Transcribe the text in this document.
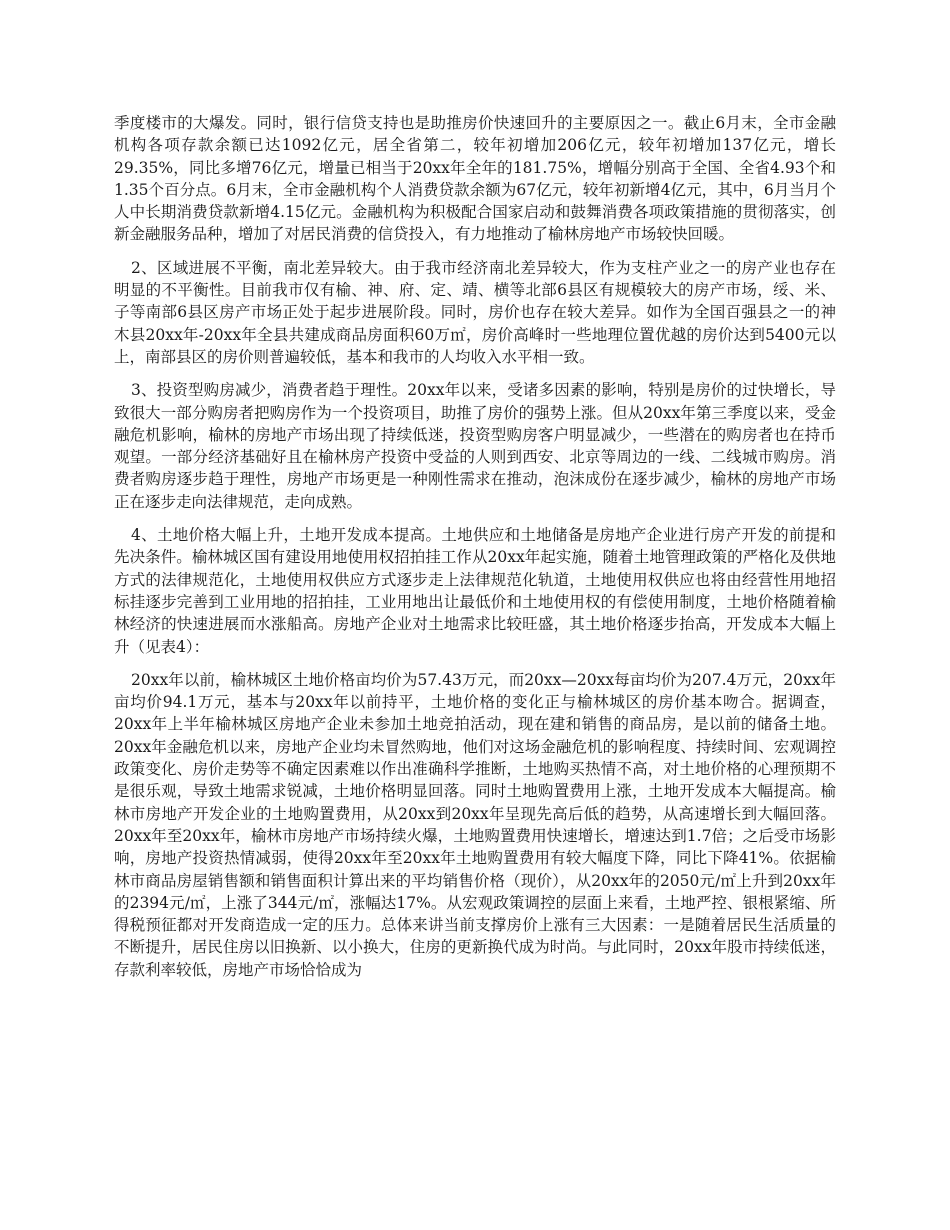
季度楼市的大爆发。同时，银行信贷支持也是助推房价快速回升的主要原因之一。截止6月末，全市金融机构各项存款余额已达1092亿元，居全省第二，较年初增加206亿元，较年初增加137亿元，增长29.35%，同比多增76亿元，增量已相当于20xx年全年的181.75%，增幅分别高于全国、全省4.93个和1.35个百分点。6月末，全市金融机构个人消费贷款余额为67亿元，较年初新增4亿元，其中，6月当月个人中长期消费贷款新增4.15亿元。金融机构为积极配合国家启动和鼓舞消费各项政策措施的贯彻落实，创新金融服务品种，增加了对居民消费的信贷投入，有力地推动了榆林房地产市场较快回暖。

2、区域进展不平衡，南北差异较大。由于我市经济南北差异较大，作为支柱产业之一的房产业也存在明显的不平衡性。目前我市仅有榆、神、府、定、靖、横等北部6县区有规模较大的房产市场，绥、米、子等南部6县区房产市场正处于起步进展阶段。同时，房价也存在较大差异。如作为全国百强县之一的神木县20xx年-20xx年全县共建成商品房面积60万㎡，房价高峰时一些地理位置优越的房价达到5400元以上，南部县区的房价则普遍较低，基本和我市的人均收入水平相一致。

3、投资型购房减少，消费者趋于理性。20xx年以来，受诸多因素的影响，特别是房价的过快增长，导致很大一部分购房者把购房作为一个投资项目，助推了房价的强势上涨。但从20xx年第三季度以来，受金融危机影响，榆林的房地产市场出现了持续低迷，投资型购房客户明显减少，一些潜在的购房者也在持币观望。一部分经济基础好且在榆林房产投资中受益的人则到西安、北京等周边的一线、二线城市购房。消费者购房逐步趋于理性，房地产市场更是一种刚性需求在推动，泡沫成份在逐步减少，榆林的房地产市场正在逐步走向法律规范，走向成熟。

4、土地价格大幅上升，土地开发成本提高。土地供应和土地储备是房地产企业进行房产开发的前提和先决条件。榆林城区国有建设用地使用权招拍挂工作从20xx年起实施，随着土地管理政策的严格化及供地方式的法律规范化，土地使用权供应方式逐步走上法律规范化轨道，土地使用权供应也将由经营性用地招标挂逐步完善到工业用地的招拍挂，工业用地出让最低价和土地使用权的有偿使用制度，土地价格随着榆林经济的快速进展而水涨船高。房地产企业对土地需求比较旺盛，其土地价格逐步抬高，开发成本大幅上升（见表4）：

20xx年以前，榆林城区土地价格亩均价为57.43万元，而20xx—20xx每亩均价为207.4万元，20xx年亩均价94.1万元，基本与20xx年以前持平，土地价格的变化正与榆林城区的房价基本吻合。据调查，20xx年上半年榆林城区房地产企业未参加土地竞拍活动，现在建和销售的商品房，是以前的储备土地。20xx年金融危机以来，房地产企业均未冒然购地，他们对这场金融危机的影响程度、持续时间、宏观调控政策变化、房价走势等不确定因素难以作出准确科学推断，土地购买热情不高，对土地价格的心理预期不是很乐观，导致土地需求锐减，土地价格明显回落。同时土地购置费用上涨，土地开发成本大幅提高。榆林市房地产开发企业的土地购置费用，从20xx到20xx年呈现先高后低的趋势，从高速增长到大幅回落。20xx年至20xx年，榆林市房地产市场持续火爆，土地购置费用快速增长，增速达到1.7倍；之后受市场影响，房地产投资热情减弱，使得20xx年至20xx年土地购置费用有较大幅度下降，同比下降41%。依据榆林市商品房屋销售额和销售面积计算出来的平均销售价格（现价），从20xx年的2050元/㎡上升到20xx年的2394元/㎡，上涨了344元/㎡，涨幅达17%。从宏观政策调控的层面上来看，土地严控、银根紧缩、所得税预征都对开发商造成一定的压力。总体来讲当前支撑房价上涨有三大因素：一是随着居民生活质量的不断提升，居民住房以旧换新、以小换大，住房的更新换代成为时尚。与此同时，20xx年股市持续低迷，存款利率较低，房地产市场恰恰成为
